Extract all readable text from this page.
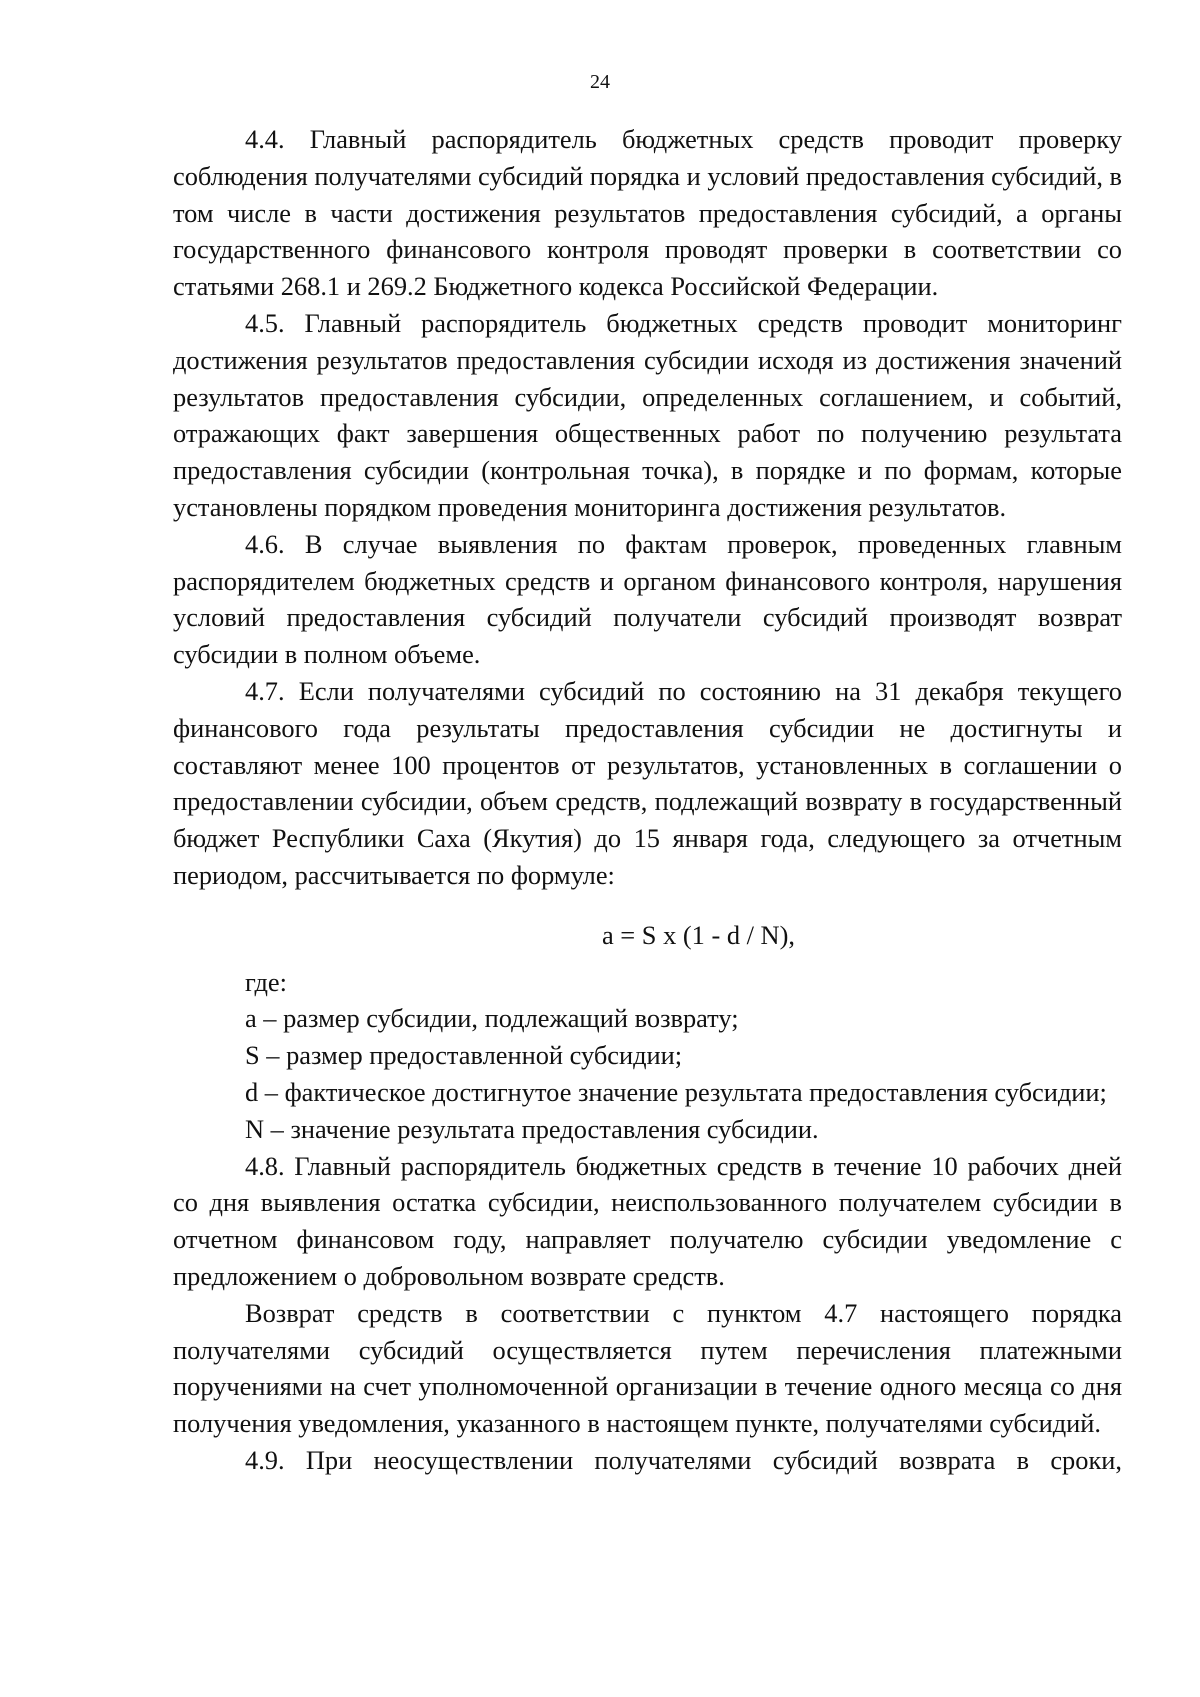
24

4.4. Главный распорядитель бюджетных средств проводит проверку соблюдения получателями субсидий порядка и условий предоставления субсидий, в том числе в части достижения результатов предоставления субсидий, а органы государственного финансового контроля проводят проверки в соответствии со статьями 268.1 и 269.2 Бюджетного кодекса Российской Федерации.

4.5. Главный распорядитель бюджетных средств проводит мониторинг достижения результатов предоставления субсидии исходя из достижения значений результатов предоставления субсидии, определенных соглашением, и событий, отражающих факт завершения общественных работ по получению результата предоставления субсидии (контрольная точка), в порядке и по формам, которые установлены порядком проведения мониторинга достижения результатов.

4.6. В случае выявления по фактам проверок, проведенных главным распорядителем бюджетных средств и органом финансового контроля, нарушения условий предоставления субсидий получатели субсидий производят возврат субсидии в полном объеме.

4.7. Если получателями субсидий по состоянию на 31 декабря текущего финансового года результаты предоставления субсидии не достигнуты и составляют менее 100 процентов от результатов, установленных в соглашении о предоставлении субсидии, объем средств, подлежащий возврату в государственный бюджет Республики Саха (Якутия) до 15 января года, следующего за отчетным периодом, рассчитывается по формуле:

a = S x (1 - d / N),

где:

a – размер субсидии, подлежащий возврату;

S – размер предоставленной субсидии;

d – фактическое достигнутое значение результата предоставления субсидии;

N – значение результата предоставления субсидии.

4.8. Главный распорядитель бюджетных средств в течение 10 рабочих дней со дня выявления остатка субсидии, неиспользованного получателем субсидии в отчетном финансовом году, направляет получателю субсидии уведомление с предложением о добровольном возврате средств.

Возврат средств в соответствии с пунктом 4.7 настоящего порядка получателями субсидий осуществляется путем перечисления платежными поручениями на счет уполномоченной организации в течение одного месяца со дня получения уведомления, указанного в настоящем пункте, получателями субсидий.

4.9. При неосуществлении получателями субсидий возврата в сроки,
